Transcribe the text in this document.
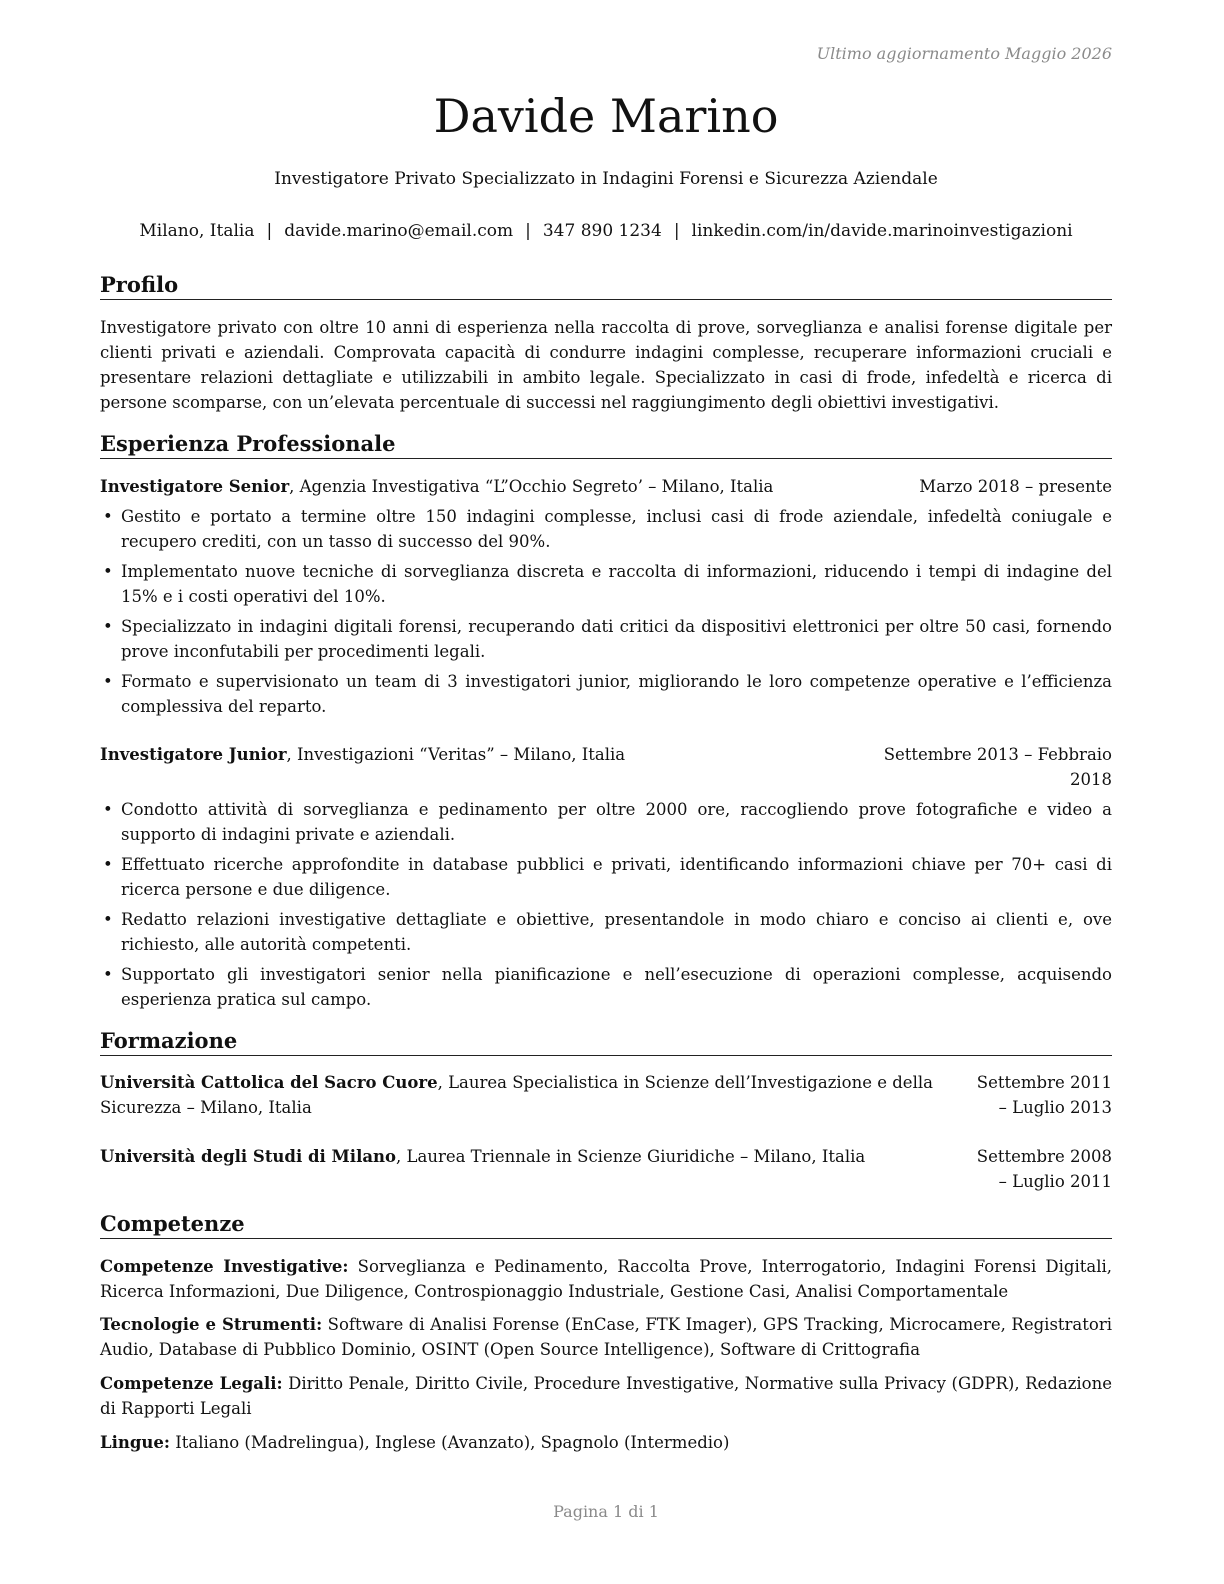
Ultimo aggiornamento Maggio 2026
Davide Marino
Investigatore Privato Specializzato in Indagini Forensi e Sicurezza Aziendale
Milano, Italia | davide.marino@email.com | 347 890 1234 | linkedin.com/in/davide.marinoinvestigazioni
Profilo

Investigatore privato con oltre 10 anni di esperienza nella raccolta di prove, sorveglianza e analisi forense digitale per clienti privati e aziendali. Comprovata capacità di condurre indagini complesse, recuperare informazioni cruciali e presentare relazioni dettagliate e utilizzabili in ambito legale. Specializzato in casi di frode, infedeltà e ricerca di persone scomparse, con un’elevata percentuale di successi nel raggiungimento degli obiettivi investigativi.

Esperienza Professionale
Investigatore Senior, Agenzia Investigativa “L”Occhio Segreto’ – Milano, Italia	Marzo 2018 – presente
• Gestito e portato a termine oltre 150 indagini complesse, inclusi casi di frode aziendale, infedeltà coniugale e recupero crediti, con un tasso di successo del 90%.
• Implementato nuove tecniche di sorveglianza discreta e raccolta di informazioni, riducendo i tempi di indagine del 15% e i costi operativi del 10%.
• Specializzato in indagini digitali forensi, recuperando dati critici da dispositivi elettronici per oltre 50 casi, fornendo prove inconfutabili per procedimenti legali.
• Formato e supervisionato un team di 3 investigatori junior, migliorando le loro competenze operative e l’efficienza complessiva del reparto.
Investigatore Junior, Investigazioni “Veritas” – Milano, Italia	Settembre 2013 – Febbraio 2018
• Condotto attività di sorveglianza e pedinamento per oltre 2000 ore, raccogliendo prove fotografiche e video a supporto di indagini private e aziendali.
• Effettuato ricerche approfondite in database pubblici e privati, identificando informazioni chiave per 70+ casi di ricerca persone e due diligence.
• Redatto relazioni investigative dettagliate e obiettive, presentandole in modo chiaro e conciso ai clienti e, ove richiesto, alle autorità competenti.
• Supportato gli investigatori senior nella pianificazione e nell’esecuzione di operazioni complesse, acquisendo esperienza pratica sul campo.
Formazione
Università Cattolica del Sacro Cuore, Laurea Specialistica in Scienze dell’Investigazione e della Sicurezza – Milano, Italia
Settembre 2011 – Luglio 2013
Università degli Studi di Milano, Laurea Triennale in Scienze Giuridiche – Milano, Italia	Settembre 2008 – Luglio 2011
Competenze

Competenze Investigative: Sorveglianza e Pedinamento, Raccolta Prove, Interrogatorio, Indagini Forensi Digitali, Ricerca Informazioni, Due Diligence, Controspionaggio Industriale, Gestione Casi, Analisi Comportamentale

Tecnologie e Strumenti: Software di Analisi Forense (EnCase, FTK Imager), GPS Tracking, Microcamere, Registratori Audio, Database di Pubblico Dominio, OSINT (Open Source Intelligence), Software di Crittografia

Competenze Legali: Diritto Penale, Diritto Civile, Procedure Investigative, Normative sulla Privacy (GDPR), Redazione di Rapporti Legali

Lingue: Italiano (Madrelingua), Inglese (Avanzato), Spagnolo (Intermedio)

Pagina 1 di 1
